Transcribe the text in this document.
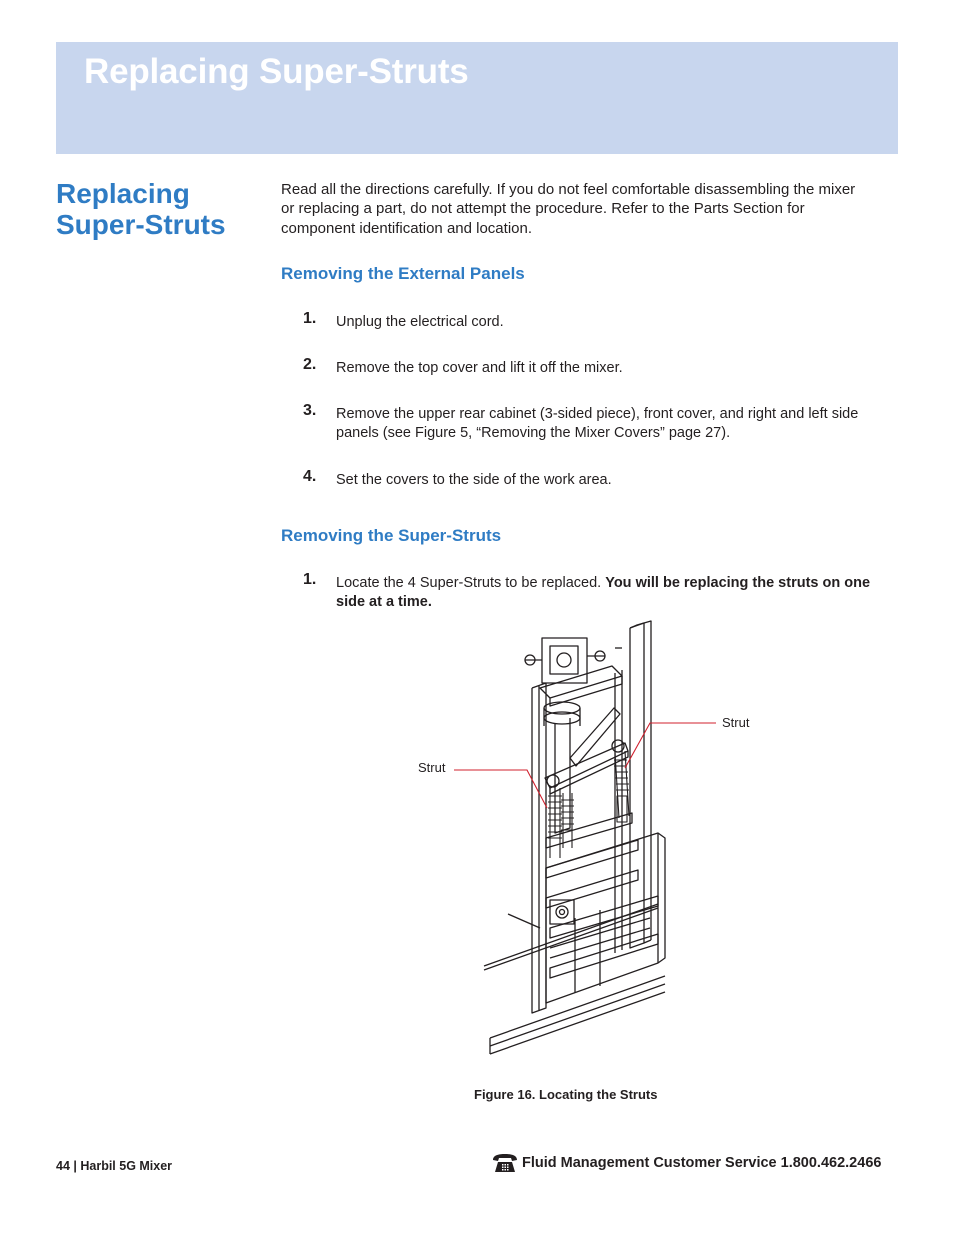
Replacing Super-Struts
Replacing Super-Struts

Read all the directions carefully. If you do not feel comfortable disassembling the mixer or replacing a part, do not attempt the procedure. Refer to the Parts Section for component identification and location.

Removing the External Panels
1. Unplug the electrical cord.

2. Remove the top cover and lift it off the mixer.

3. Remove the upper rear cabinet (3-sided piece), front cover, and right and left side panels (see Figure 5, “Removing the Mixer Covers” page 27).

4. Set the covers to the side of the work area.

Removing the Super-Struts
1. Locate the 4 Super-Struts to be replaced. You will be replacing the struts on one side at a time.

Strut
Strut

Figure 16. Locating the Struts

44 | Harbil 5G Mixer	Fluid Management Customer Service 1.800.462.2466
